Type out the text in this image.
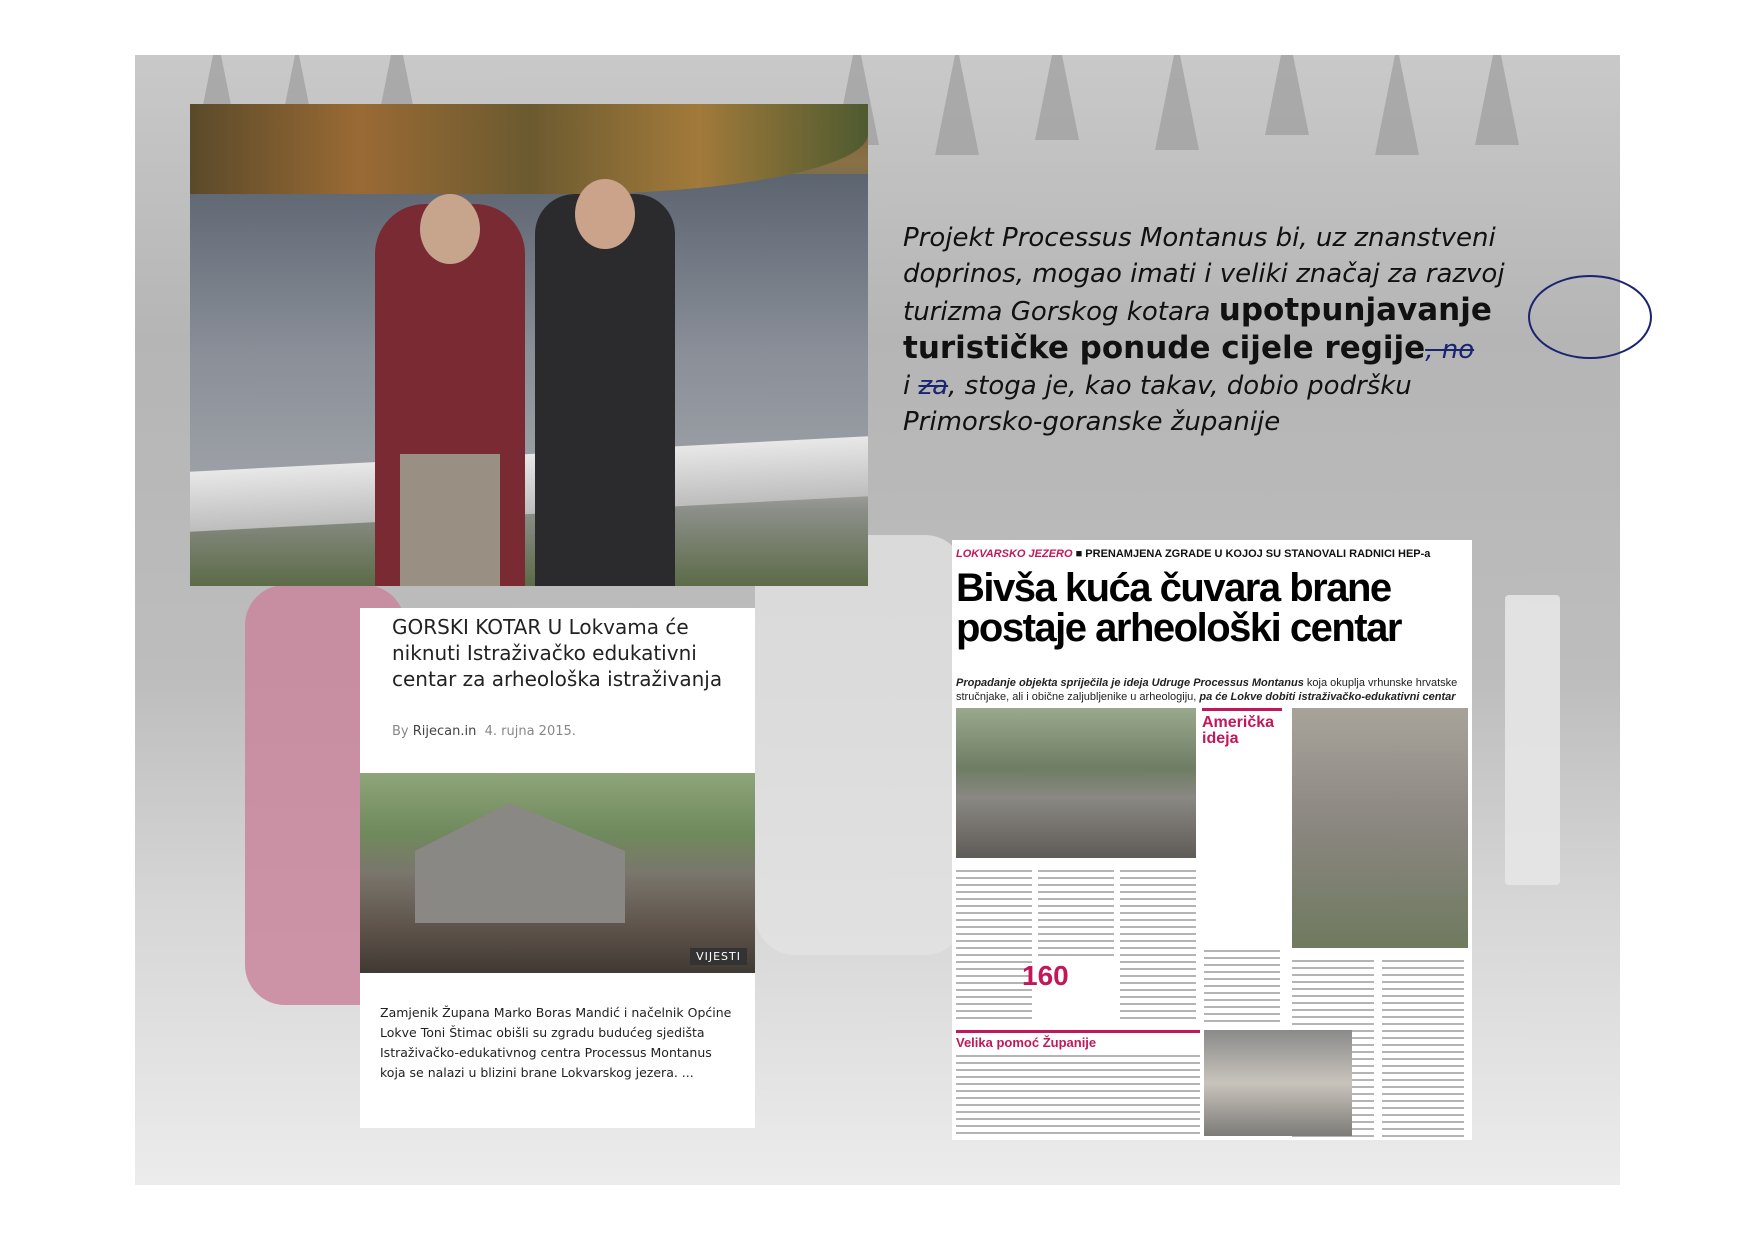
Projekt Processus Montanus bi, uz znanstveni

doprinos, mogao imati i veliki značaj za razvoj

turizma Gorskog kotara upotpunjavanje

turističke ponude cijele regije, no

i za, stoga je, kao takav, dobio podršku

Primorsko-goranske županije

GORSKI KOTAR U Lokvama će niknuti Istraživačko edukativni centar za arheološka istraživanja
By Rijecan.in 4. rujna 2015.
VIJESTI
Zamjenik Župana Marko Boras Mandić i načelnik Općine Lokve Toni Štimac obišli su zgradu budućeg sjedišta Istraživačko-edukativnog centra Processus Montanus koja se nalazi u blizini brane Lokvarskog jezera. ...
LOKVARSKO JEZERO ■ PRENAMJENA ZGRADE U KOJOJ SU STANOVALI RADNICI HEP-a
Bivša kuća čuvara brane postaje arheološki centar
Propadanje objekta spriječila je ideja Udruge Processus Montanus koja okuplja vrhunske hrvatske stručnjake, ali i obične zaljubljenike u arheologiju, pa će Lokve dobiti istraživačko-edukativni centar
Američka ideja
160
Velika pomoć Županije
